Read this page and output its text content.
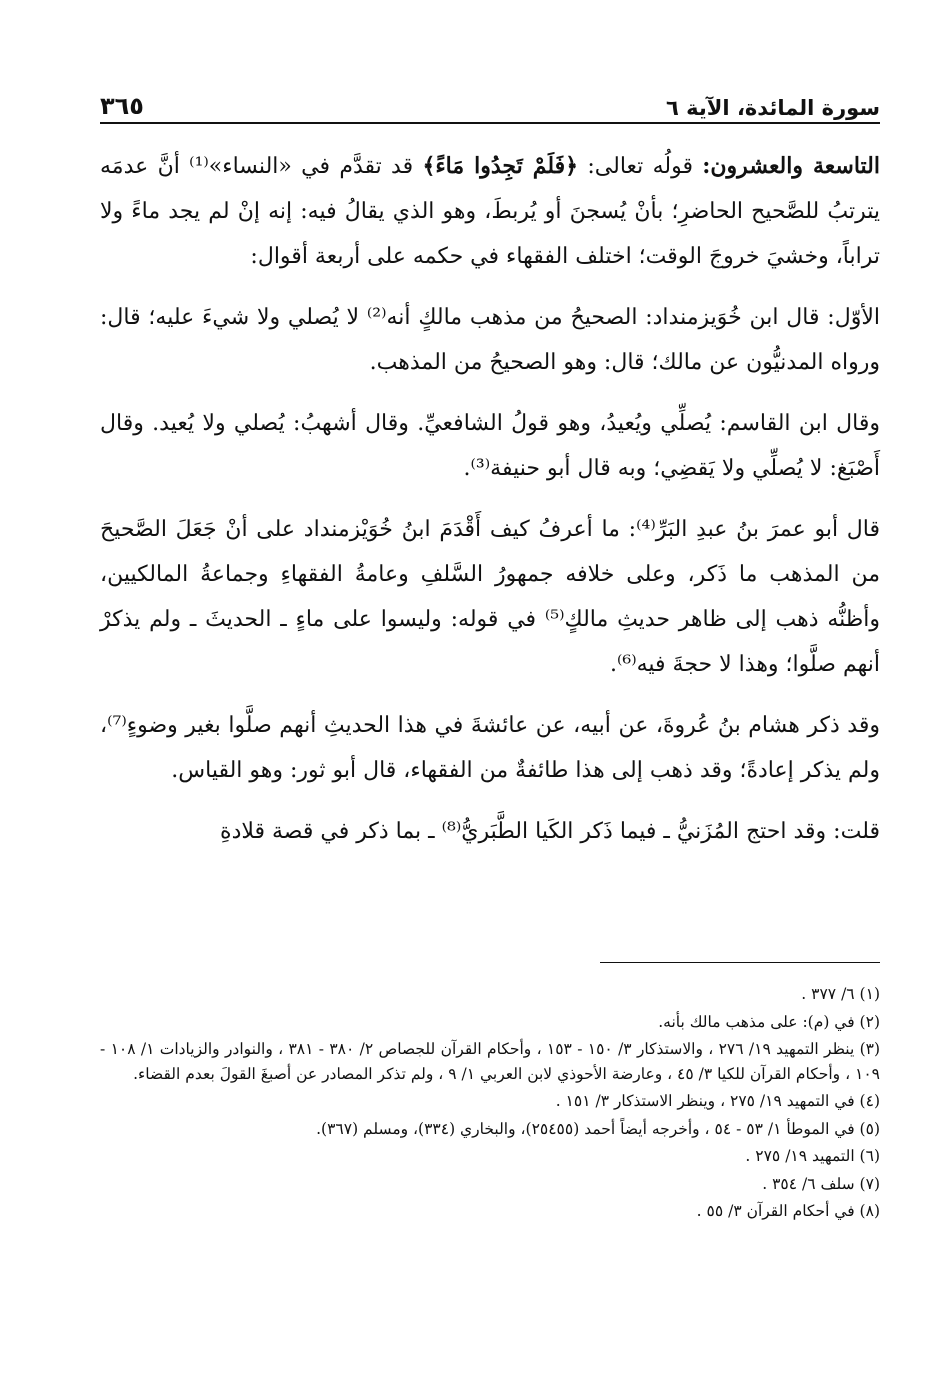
سورة المائدة، الآية ٦
٣٦٥

التاسعة والعشرون: قولُه تعالى: ﴿فَلَمْ تَجِدُوا مَاءً﴾ قد تقدَّم في «النساء»⁽¹⁾ أنَّ عدمَه يترتبُ للصَّحيح الحاضرِ؛ بأنْ يُسجنَ أو يُربطَ، وهو الذي يقالُ فيه: إنه إنْ لم يجد ماءً ولا تراباً، وخشيَ خروجَ الوقت؛ اختلف الفقهاء في حكمه على أربعة أقوال:

الأوّل: قال ابن خُوَيزمنداد: الصحيحُ من مذهب مالكٍ أنه⁽²⁾ لا يُصلي ولا شيءَ عليه؛ قال: ورواه المدنيُّون عن مالك؛ قال: وهو الصحيحُ من المذهب.

وقال ابن القاسم: يُصلِّي ويُعيدُ، وهو قولُ الشافعيِّ. وقال أشهبُ: يُصلي ولا يُعيد. وقال أَصْبَغ: لا يُصلِّي ولا يَقضِي؛ وبه قال أبو حنيفة⁽³⁾.

قال أبو عمرَ بنُ عبدِ البَرِّ⁽⁴⁾: ما أعرفُ كيف أَقْدَمَ ابنُ خُوَيْزمنداد على أنْ جَعَلَ الصَّحيحَ من المذهب ما ذَكر، وعلى خلافه جمهورُ السَّلفِ وعامةُ الفقهاءِ وجماعةُ المالكيين، وأظنُّه ذهب إلى ظاهر حديثِ مالكٍ⁽⁵⁾ في قوله: وليسوا على ماءٍ ـ الحديثَ ـ ولم يذكرْ أنهم صلَّوا؛ وهذا لا حجةَ فيه⁽⁶⁾.

وقد ذكر هشام بنُ عُروةَ، عن أبيه، عن عائشةَ في هذا الحديثِ أنهم صلَّوا بغير وضوءٍ⁽⁷⁾، ولم يذكر إعادةً؛ وقد ذهب إلى هذا طائفةٌ من الفقهاء، قال أبو ثور: وهو القياس.

قلت: وقد احتج المُزَنيُّ ـ فيما ذَكر الكَيا الطَّبَريُّ⁽⁸⁾ ـ بما ذكر في قصة قلادةِ

(١) ٦/ ٣٧٧ .
(٢) في (م): على مذهب مالك بأنه.
(٣) ينظر التمهيد ١٩/ ٢٧٦ ، والاستذكار ٣/ ١٥٠ - ١٥٣ ، وأحكام القرآن للجصاص ٢/ ٣٨٠ - ٣٨١ ، والنوادر والزيادات ١/ ١٠٨ - ١٠٩ ، وأحكام القرآن للكيا ٣/ ٤٥ ، وعارضة الأحوذي لابن العربي ١/ ٩ ، ولم تذكر المصادر عن أصبغَ القولَ بعدم القضاء.
(٤) في التمهيد ١٩/ ٢٧٥ ، وينظر الاستذكار ٣/ ١٥١ .
(٥) في الموطأ ١/ ٥٣ - ٥٤ ، وأخرجه أيضاً أحمد (٢٥٤٥٥)، والبخاري (٣٣٤)، ومسلم (٣٦٧).
(٦) التمهيد ١٩/ ٢٧٥ .
(٧) سلف ٦/ ٣٥٤ .
(٨) في أحكام القرآن ٣/ ٥٥ .
